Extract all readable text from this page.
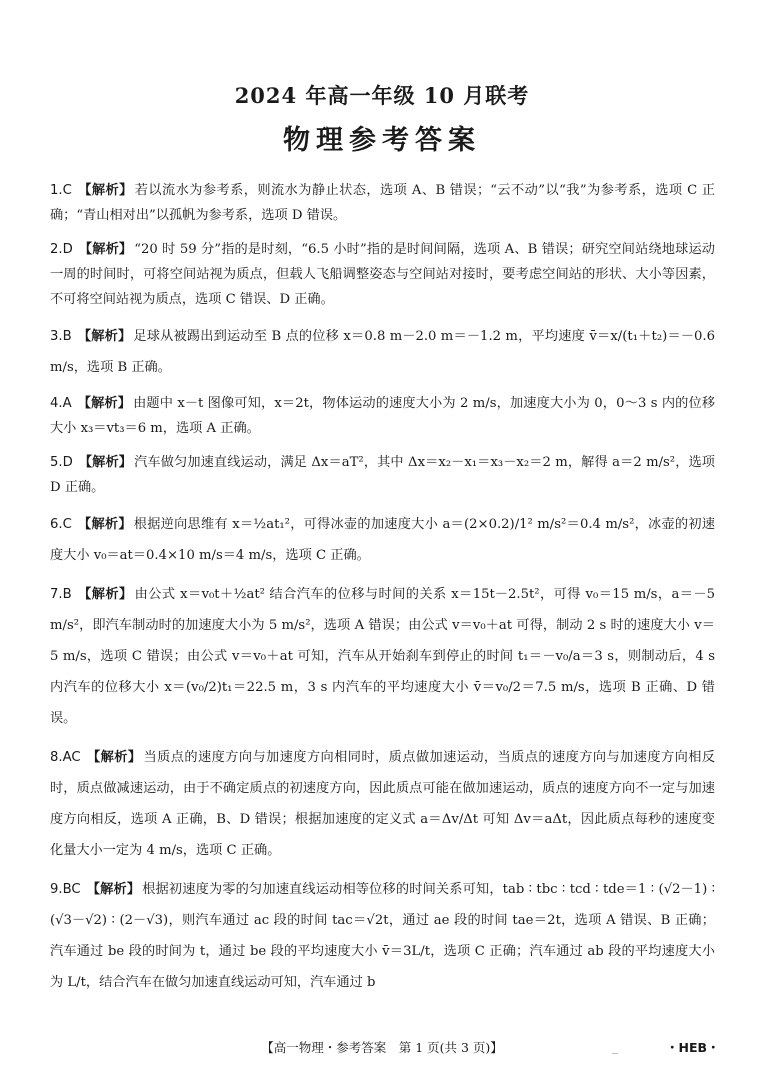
2024 年高一年级 10 月联考
物理参考答案
1.C 【解析】 若以流水为参考系，则流水为静止状态，选项 A、B 错误；“云不动”以“我”为参考系，选项 C 正确；“青山相对出”以孤帆为参考系，选项 D 错误。
2.D 【解析】 “20 时 59 分”指的是时刻，“6.5 小时”指的是时间间隔，选项 A、B 错误；研究空间站绕地球运动一周的时间时，可将空间站视为质点，但载人飞船调整姿态与空间站对接时，要考虑空间站的形状、大小等因素，不可将空间站视为质点，选项 C 错误、D 正确。
3.B 【解析】 足球从被踢出到运动至 B 点的位移 x＝0.8 m－2.0 m＝－1.2 m，平均速度 v̄＝x/(t₁＋t₂)＝－0.6 m/s，选项 B 正确。
4.A 【解析】 由题中 x－t 图像可知，x＝2t，物体运动的速度大小为 2 m/s，加速度大小为 0，0～3 s 内的位移大小 x₃＝vt₃＝6 m，选项 A 正确。
5.D 【解析】 汽车做匀加速直线运动，满足 Δx＝aT²，其中 Δx＝x₂－x₁＝x₃－x₂＝2 m，解得 a＝2 m/s²，选项 D 正确。
6.C 【解析】 根据逆向思维有 x＝½at₁²，可得冰壶的加速度大小 a＝(2×0.2)/1² m/s²＝0.4 m/s²，冰壶的初速度大小 v₀＝at＝0.4×10 m/s＝4 m/s，选项 C 正确。
7.B 【解析】 由公式 x＝v₀t＋½at² 结合汽车的位移与时间的关系 x＝15t－2.5t²，可得 v₀＝15 m/s，a＝－5 m/s²，即汽车制动时的加速度大小为 5 m/s²，选项 A 错误；由公式 v＝v₀＋at 可得，制动 2 s 时的速度大小 v＝5 m/s，选项 C 错误；由公式 v＝v₀＋at 可知，汽车从开始刹车到停止的时间 t₁＝－v₀/a＝3 s，则制动后，4 s 内汽车的位移大小 x＝(v₀/2)t₁＝22.5 m，3 s 内汽车的平均速度大小 v̄＝v₀/2＝7.5 m/s，选项 B 正确、D 错误。
8.AC 【解析】 当质点的速度方向与加速度方向相同时，质点做加速运动，当质点的速度方向与加速度方向相反时，质点做减速运动，由于不确定质点的初速度方向，因此质点可能在做加速运动，质点的速度方向不一定与加速度方向相反，选项 A 正确，B、D 错误；根据加速度的定义式 a＝Δv/Δt 可知 Δv＝aΔt，因此质点每秒的速度变化量大小一定为 4 m/s，选项 C 正确。
9.BC 【解析】 根据初速度为零的匀加速直线运动相等位移的时间关系可知，tab ∶ tbc ∶ tcd ∶ tde＝1 ∶ (√2－1) ∶ (√3－√2) ∶ (2－√3)，则汽车通过 ac 段的时间 tac＝√2t，通过 ae 段的时间 tae＝2t，选项 A 错误、B 正确；汽车通过 be 段的时间为 t，通过 be 段的平均速度大小 v̄＝3L/t，选项 C 正确；汽车通过 ab 段的平均速度大小为 L/t，结合汽车在做匀加速直线运动可知，汽车通过 b
【高一物理・参考答案　第 1 页(共 3 页)】	_	・HEB・
